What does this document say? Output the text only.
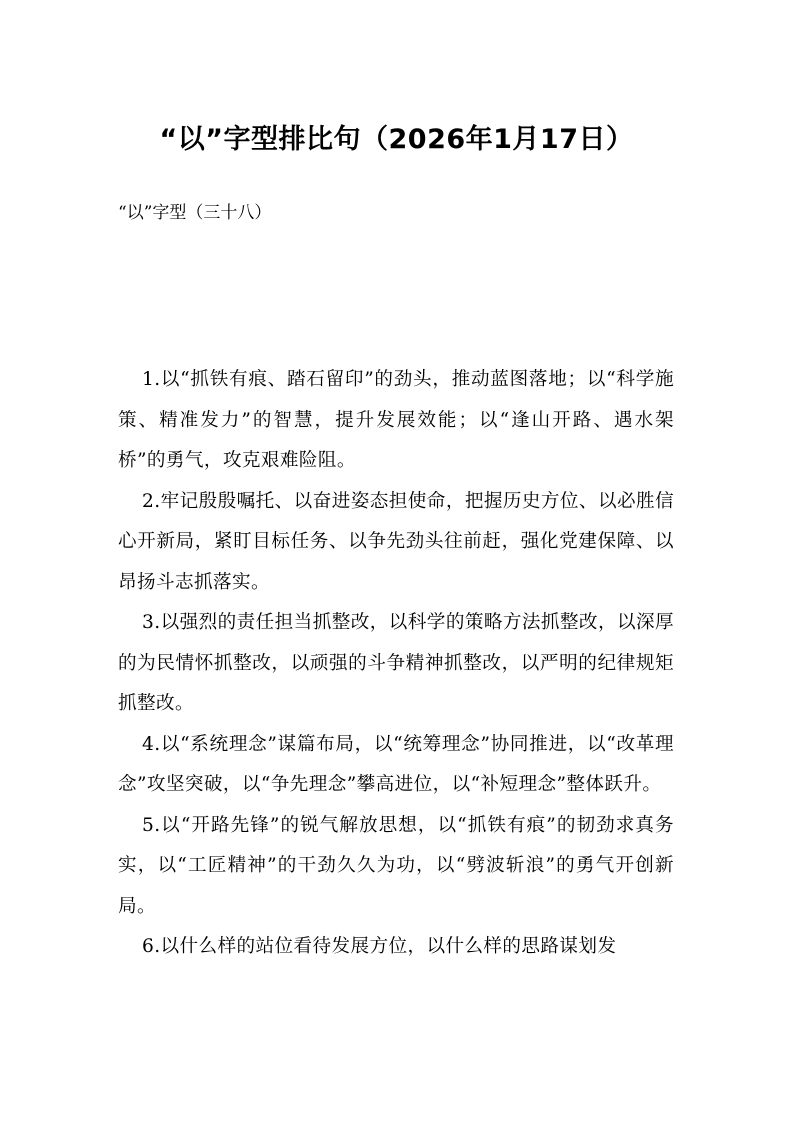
“以”字型排比句（2026年1月17日）

“以”字型（三十八）

1.以“抓铁有痕、踏石留印”的劲头，推动蓝图落地；以“科学施策、精准发力”的智慧，提升发展效能；以“逢山开路、遇水架桥”的勇气，攻克艰难险阻。

2.牢记殷殷嘱托、以奋进姿态担使命，把握历史方位、以必胜信心开新局，紧盯目标任务、以争先劲头往前赶，强化党建保障、以昂扬斗志抓落实。

3.以强烈的责任担当抓整改，以科学的策略方法抓整改，以深厚的为民情怀抓整改，以顽强的斗争精神抓整改，以严明的纪律规矩抓整改。

4.以“系统理念”谋篇布局，以“统筹理念”协同推进，以“改革理念”攻坚突破，以“争先理念”攀高进位，以“补短理念”整体跃升。

5.以“开路先锋”的锐气解放思想，以“抓铁有痕”的韧劲求真务实，以“工匠精神”的干劲久久为功，以“劈波斩浪”的勇气开创新局。

6.以什么样的站位看待发展方位，以什么样的思路谋划发
